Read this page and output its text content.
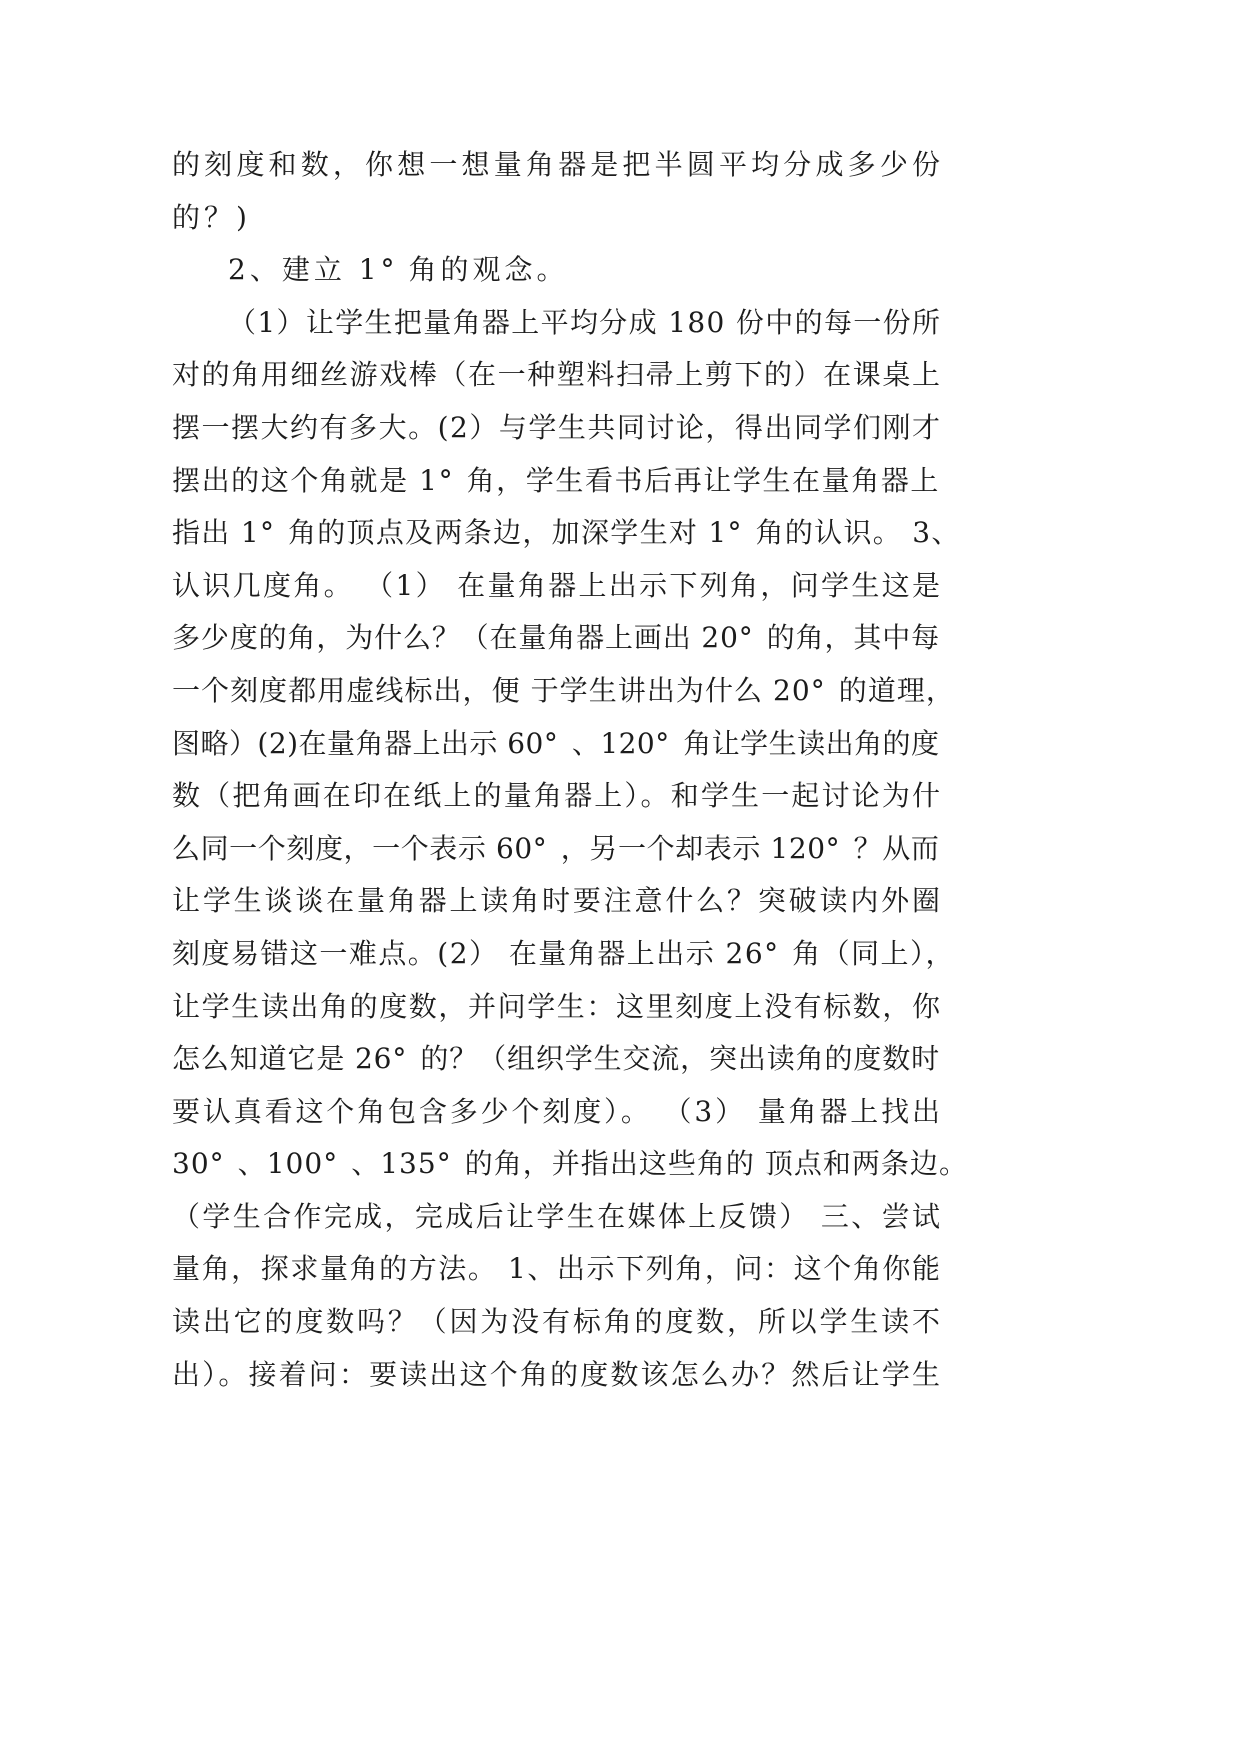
的刻度和数，你想一想量角器是把半圆平均分成多少份
的？)
2、建立 1° 角的观念。
（1）让学生把量角器上平均分成 180 份中的每一份所
对的角用细丝游戏棒（在一种塑料扫帚上剪下的）在课桌上
摆一摆大约有多大。(2）与学生共同讨论，得出同学们刚才
摆出的这个角就是 1° 角，学生看书后再让学生在量角器上
指出 1° 角的顶点及两条边，加深学生对 1° 角的认识。 3、
认识几度角。 （1） 在量角器上出示下列角，问学生这是
多少度的角，为什么？（在量角器上画出 20° 的角，其中每
一个刻度都用虚线标出，便 于学生讲出为什么 20° 的道理，
图略）(2)在量角器上出示 60° 、120° 角让学生读出角的度
数（把角画在印在纸上的量角器上）。和学生一起讨论为什
么同一个刻度，一个表示 60° ，另一个却表示 120° ？从而
让学生谈谈在量角器上读角时要注意什么？突破读内外圈
刻度易错这一难点。(2） 在量角器上出示 26° 角（同上），
让学生读出角的度数，并问学生：这里刻度上没有标数，你
怎么知道它是 26° 的？（组织学生交流，突出读角的度数时
要认真看这个角包含多少个刻度）。 （3） 量角器上找出
30° 、100° 、135° 的角，并指出这些角的 顶点和两条边。
（学生合作完成，完成后让学生在媒体上反馈） 三、尝试
量角，探求量角的方法。 1、出示下列角，问：这个角你能
读出它的度数吗？（因为没有标角的度数，所以学生读不
出）。接着问：要读出这个角的度数该怎么办？然后让学生
